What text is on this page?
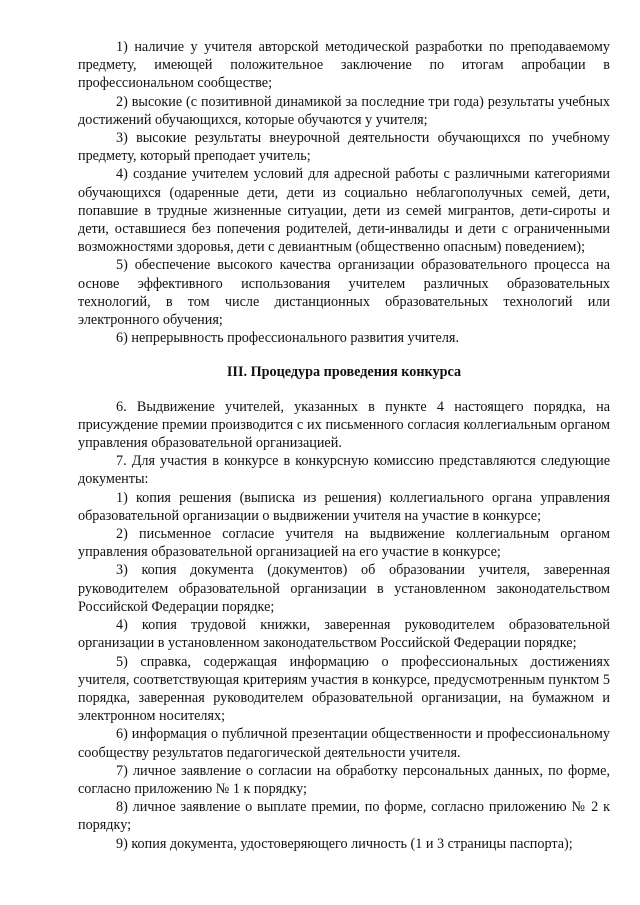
1) наличие у учителя авторской методической разработки по преподаваемому предмету, имеющей положительное заключение по итогам апробации в профессиональном сообществе;

2) высокие (с позитивной динамикой за последние три года) результаты учебных достижений обучающихся, которые обучаются у учителя;

3) высокие результаты внеурочной деятельности обучающихся по учебному предмету, который преподает учитель;

4) создание учителем условий для адресной работы с различными категориями обучающихся (одаренные дети, дети из социально неблагополучных семей, дети, попавшие в трудные жизненные ситуации, дети из семей мигрантов, дети-сироты и дети, оставшиеся без попечения родителей, дети-инвалиды и дети с ограниченными возможностями здоровья, дети с девиантным (общественно опасным) поведением);

5) обеспечение высокого качества организации образовательного процесса на основе эффективного использования учителем различных образовательных технологий, в том числе дистанционных образовательных технологий или электронного обучения;

6) непрерывность профессионального развития учителя.

III. Процедура проведения конкурса

6. Выдвижение учителей, указанных в пункте 4 настоящего порядка, на присуждение премии производится с их письменного согласия коллегиальным органом управления образовательной организацией.

7. Для участия в конкурсе в конкурсную комиссию представляются следующие документы:

1) копия решения (выписка из решения) коллегиального органа управления образовательной организации о выдвижении учителя на участие в конкурсе;

2) письменное согласие учителя на выдвижение коллегиальным органом управления образовательной организацией на его участие в конкурсе;

3) копия документа (документов) об образовании учителя, заверенная руководителем образовательной организации в установленном законодательством Российской Федерации порядке;

4) копия трудовой книжки, заверенная руководителем образовательной организации в установленном законодательством Российской Федерации порядке;

5) справка, содержащая информацию о профессиональных достижениях учителя, соответствующая критериям участия в конкурсе, предусмотренным пунктом 5 порядка, заверенная руководителем образовательной организации, на бумажном и электронном носителях;

6) информация о публичной презентации общественности и профессиональному сообществу результатов педагогической деятельности учителя.

7) личное заявление о согласии на обработку персональных данных, по форме, согласно приложению № 1 к порядку;

8) личное заявление о выплате премии, по форме, согласно приложению № 2 к порядку;

9) копия документа, удостоверяющего личность (1 и 3 страницы паспорта);
